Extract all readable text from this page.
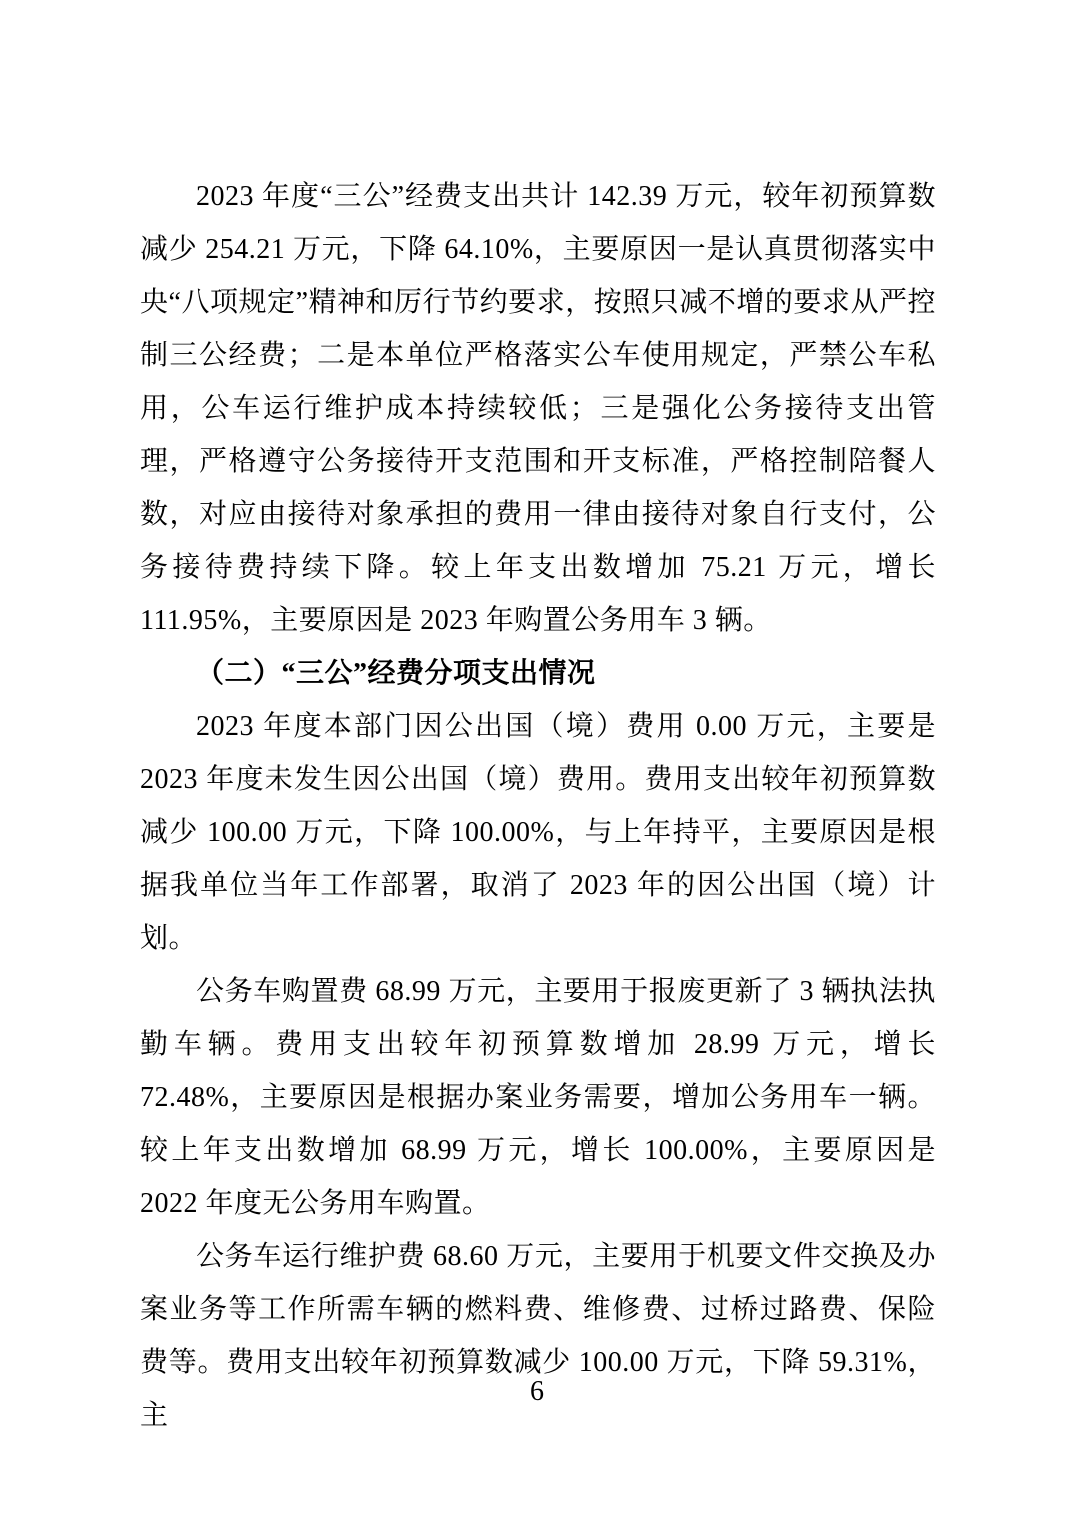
2023 年度“三公”经费支出共计 142.39 万元，较年初预算数减少 254.21 万元，下降 64.10%，主要原因一是认真贯彻落实中央“八项规定”精神和厉行节约要求，按照只减不增的要求从严控制三公经费；二是本单位严格落实公车使用规定，严禁公车私用，公车运行维护成本持续较低；三是强化公务接待支出管理，严格遵守公务接待开支范围和开支标准，严格控制陪餐人数，对应由接待对象承担的费用一律由接待对象自行支付，公务接待费持续下降。较上年支出数增加 75.21 万元，增长 111.95%，主要原因是 2023 年购置公务用车 3 辆。

（二）“三公”经费分项支出情况

2023 年度本部门因公出国（境）费用 0.00 万元，主要是 2023 年度未发生因公出国（境）费用。费用支出较年初预算数减少 100.00 万元，下降 100.00%，与上年持平，主要原因是根据我单位当年工作部署，取消了 2023 年的因公出国（境）计划。

公务车购置费 68.99 万元，主要用于报废更新了 3 辆执法执勤车辆。费用支出较年初预算数增加 28.99 万元，增长 72.48%，主要原因是根据办案业务需要，增加公务用车一辆。较上年支出数增加 68.99 万元，增长 100.00%，主要原因是 2022 年度无公务用车购置。

公务车运行维护费 68.60 万元，主要用于机要文件交换及办案业务等工作所需车辆的燃料费、维修费、过桥过路费、保险费等。费用支出较年初预算数减少 100.00 万元，下降 59.31%，主

6
